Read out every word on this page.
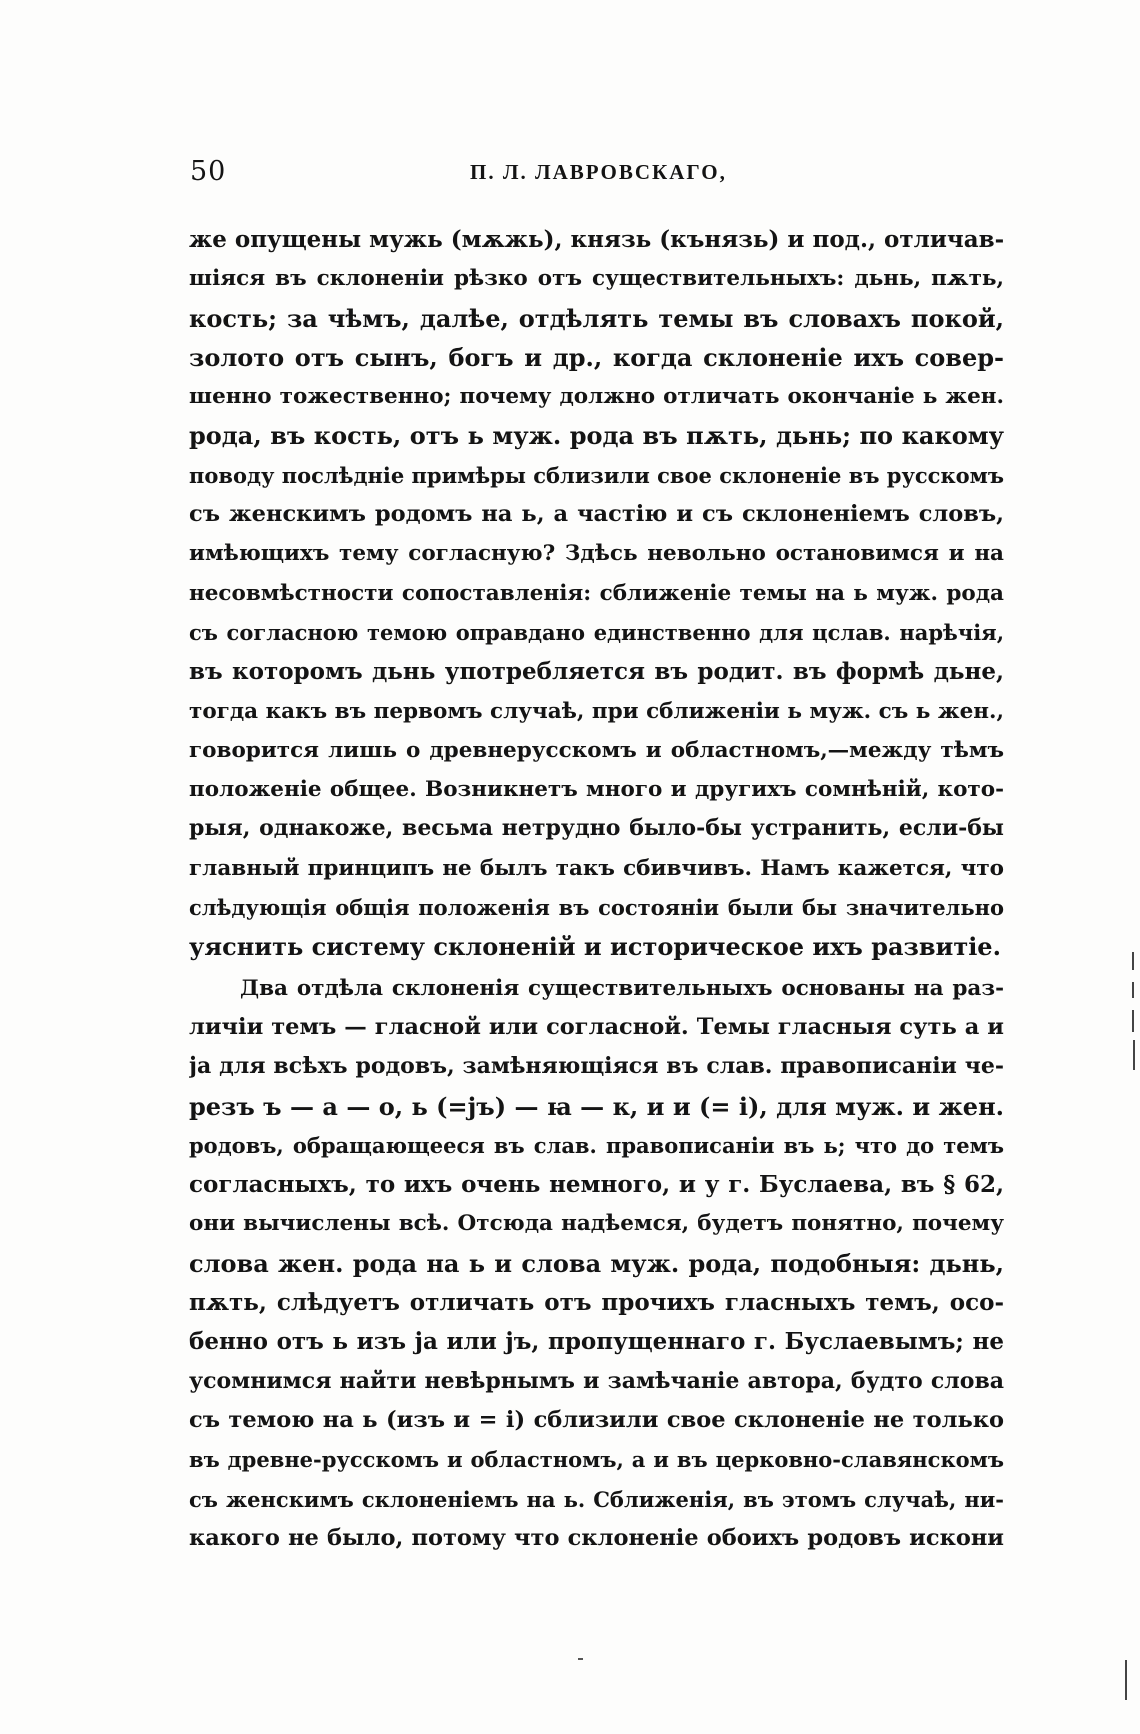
50	П. Л. ЛАВРОВСКАГО,
же опущены мужь (мѫжь), князь (кънязь) и под., отличав-
шіяся въ склоненіи рѣзко отъ существительныхъ: дьнь, пѫть,
кость; за чѣмъ, далѣе, отдѣлять темы въ словахъ покой,
золото отъ сынъ, богъ и др., когда склоненіе ихъ совер-
шенно тожественно; почему должно отличать окончаніе ь жен.
рода, въ кость, отъ ь муж. рода въ пѫть, дьнь; по какому
поводу послѣдніе примѣры сблизили свое склоненіе въ русскомъ
съ женскимъ родомъ на ь, а частію и съ склоненіемъ словъ,
имѣющихъ тему согласную? Здѣсь невольно остановимся и на
несовмѣстности сопоставленія: сближеніе темы на ь муж. рода
съ согласною темою оправдано единственно для цслав. нарѣчія,
въ которомъ дьнь употребляется въ родит. въ формѣ дьне,
тогда какъ въ первомъ случаѣ, при сближеніи ь муж. съ ь жен.,
говорится лишь о древнерусскомъ и областномъ,—между тѣмъ
положеніе общее. Возникнетъ много и другихъ сомнѣній, кото-
рыя, однакоже, весьма нетрудно было-бы устранить, если-бы
главный принципъ не былъ такъ сбивчивъ. Намъ кажется, что
слѣдующія общія положенія въ состояніи были бы значительно
уяснить систему склоненій и историческое ихъ развитіе.
Два отдѣла склоненія существительныхъ основаны на раз-
личіи темъ — гласной или согласной. Темы гласныя суть а и
ја для всѣхъ родовъ, замѣняющіяся въ слав. правописаніи че-
резъ ъ — а — о, ь (=јъ) — ꙗ — к, и и (= і), для муж. и жен.
родовъ, обращающееся въ слав. правописаніи въ ь; что до темъ
согласныхъ, то ихъ очень немного, и у г. Буслаева, въ § 62,
они вычислены всѣ. Отсюда надѣемся, будетъ понятно, почему
слова жен. рода на ь и слова муж. рода, подобныя: дьнь,
пѫть, слѣдуетъ отличать отъ прочихъ гласныхъ темъ, осо-
бенно отъ ь изъ ја или јъ, пропущеннаго г. Буслаевымъ; не
усомнимся найти невѣрнымъ и замѣчаніе автора, будто слова
съ темою на ь (изъ и = і) сблизили свое склоненіе не только
въ древне-русскомъ и областномъ, а и въ церковно-славянскомъ
съ женскимъ склоненіемъ на ь. Сближенія, въ этомъ случаѣ, ни-
какого не было, потому что склоненіе обоихъ родовъ искони
